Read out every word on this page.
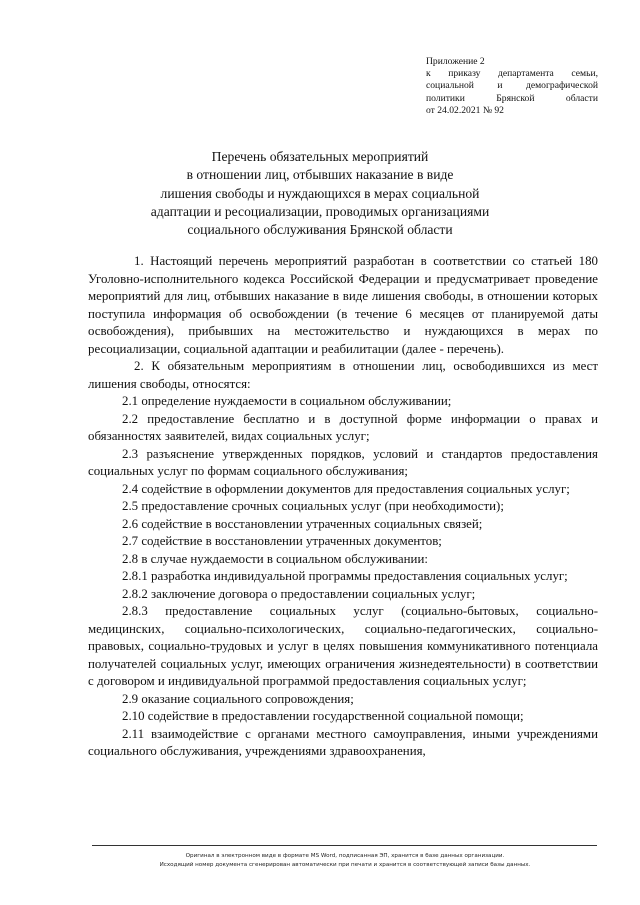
Приложение 2
к приказу департамента семьи,
социальной и демографической
политики Брянской области
от 24.02.2021 № 92
Перечень обязательных мероприятий
в отношении лиц, отбывших наказание в виде
лишения свободы и нуждающихся в мерах социальной
адаптации и ресоциализации, проводимых организациями
социального обслуживания Брянской области

1. Настоящий перечень мероприятий разработан в соответствии со статьей 180 Уголовно-исполнительного кодекса Российской Федерации и предусматривает проведение мероприятий для лиц, отбывших наказание в виде лишения свободы, в отношении которых поступила информация об освобождении (в течение 6 месяцев от планируемой даты освобождения), прибывших на местожительство и нуждающихся в мерах по ресоциализации, социальной адаптации и реабилитации (далее - перечень).

2. К обязательным мероприятиям в отношении лиц, освободившихся из мест лишения свободы, относятся:

2.1 определение нуждаемости в социальном обслуживании;

2.2 предоставление бесплатно и в доступной форме информации о правах и обязанностях заявителей, видах социальных услуг;

2.3 разъяснение утвержденных порядков, условий и стандартов предоставления социальных услуг по формам социального обслуживания;

2.4 содействие в оформлении документов для предоставления социальных услуг;

2.5 предоставление срочных социальных услуг (при необходимости);

2.6 содействие в восстановлении утраченных социальных связей;

2.7 содействие в восстановлении утраченных документов;

2.8 в случае нуждаемости в социальном обслуживании:

2.8.1 разработка индивидуальной программы предоставления социальных услуг;

2.8.2 заключение договора о предоставлении социальных услуг;

2.8.3 предоставление социальных услуг (социально-бытовых, социально-медицинских, социально-психологических, социально-педагогических, социально-правовых, социально-трудовых и услуг в целях повышения коммуникативного потенциала получателей социальных услуг, имеющих ограничения жизнедеятельности) в соответствии с договором и индивидуальной программой предоставления социальных услуг;

2.9 оказание социального сопровождения;

2.10 содействие в предоставлении государственной социальной помощи;

2.11 взаимодействие с органами местного самоуправления, иными учреждениями социального обслуживания, учреждениями здравоохранения,

Оригинал в электронном виде в формате MS Word, подписанная ЭП, хранится в базе данных организации.
Исходящий номер документа сгенерирован автоматически при печати и хранится в соответствующей записи базы данных.
